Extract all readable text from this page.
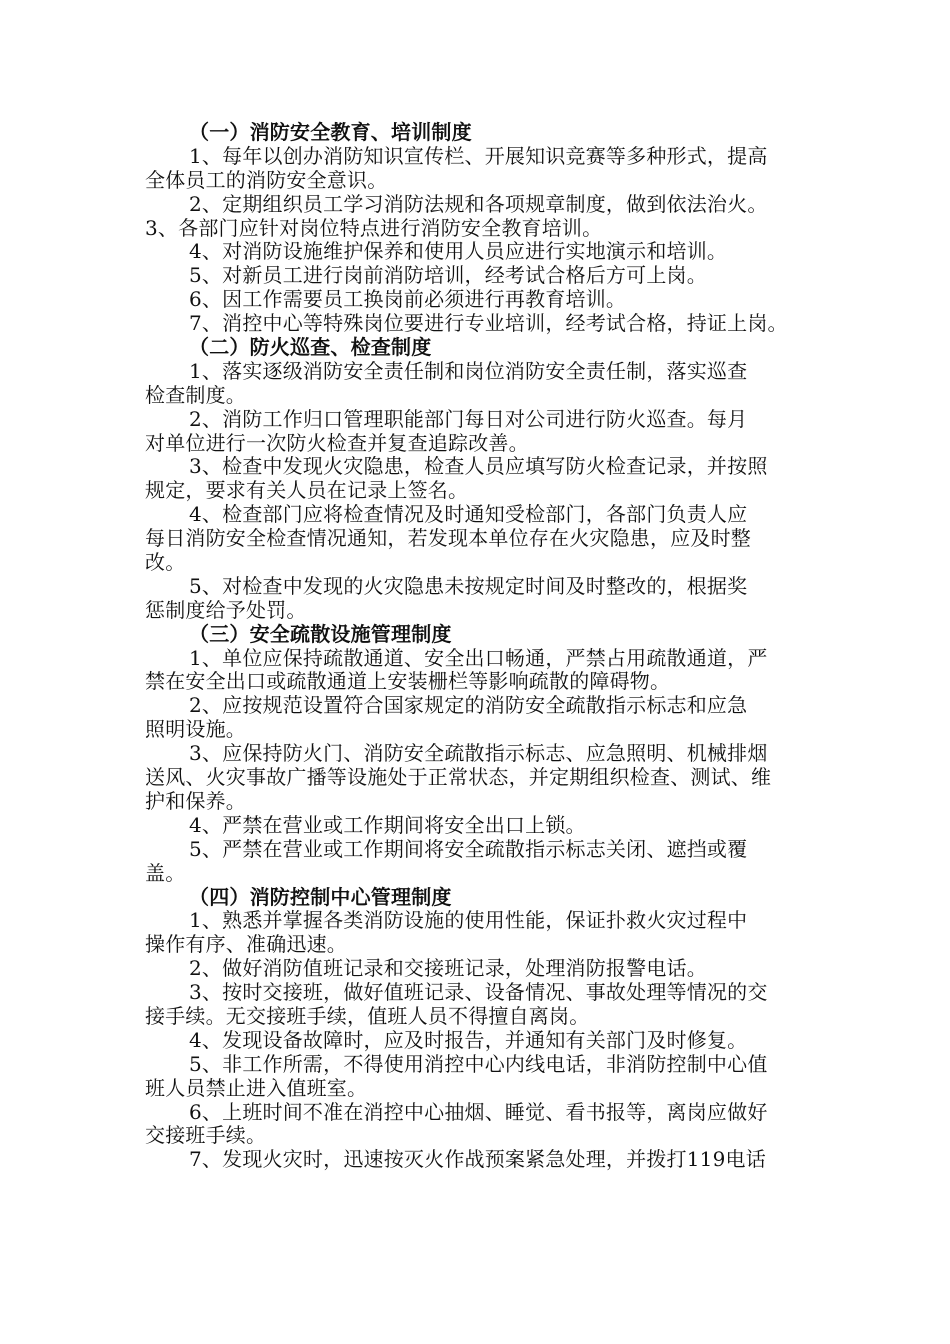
（一）消防安全教育、培训制度
1、每年以创办消防知识宣传栏、开展知识竞赛等多种形式，提高
全体员工的消防安全意识。
2、定期组织员工学习消防法规和各项规章制度，做到依法治火。
3、各部门应针对岗位特点进行消防安全教育培训。
4、对消防设施维护保养和使用人员应进行实地演示和培训。
5、对新员工进行岗前消防培训，经考试合格后方可上岗。
6、因工作需要员工换岗前必须进行再教育培训。
7、消控中心等特殊岗位要进行专业培训，经考试合格，持证上岗。
（二）防火巡查、检查制度
1、落实逐级消防安全责任制和岗位消防安全责任制，落实巡查
检查制度。
2、消防工作归口管理职能部门每日对公司进行防火巡查。每月
对单位进行一次防火检查并复查追踪改善。
3、检查中发现火灾隐患，检查人员应填写防火检查记录，并按照
规定，要求有关人员在记录上签名。
4、检查部门应将检查情况及时通知受检部门，各部门负责人应
每日消防安全检查情况通知，若发现本单位存在火灾隐患，应及时整
改。
5、对检查中发现的火灾隐患未按规定时间及时整改的，根据奖
惩制度给予处罚。
（三）安全疏散设施管理制度
1、单位应保持疏散通道、安全出口畅通，严禁占用疏散通道，严
禁在安全出口或疏散通道上安装栅栏等影响疏散的障碍物。
2、应按规范设置符合国家规定的消防安全疏散指示标志和应急
照明设施。
3、应保持防火门、消防安全疏散指示标志、应急照明、机械排烟
送风、火灾事故广播等设施处于正常状态，并定期组织检查、测试、维
护和保养。
4、严禁在营业或工作期间将安全出口上锁。
5、严禁在营业或工作期间将安全疏散指示标志关闭、遮挡或覆
盖。
（四）消防控制中心管理制度
1、熟悉并掌握各类消防设施的使用性能，保证扑救火灾过程中
操作有序、准确迅速。
2、做好消防值班记录和交接班记录，处理消防报警电话。
3、按时交接班，做好值班记录、设备情况、事故处理等情况的交
接手续。无交接班手续，值班人员不得擅自离岗。
4、发现设备故障时，应及时报告，并通知有关部门及时修复。
5、非工作所需，不得使用消控中心内线电话，非消防控制中心值
班人员禁止进入值班室。
6、上班时间不准在消控中心抽烟、睡觉、看书报等，离岗应做好
交接班手续。
7、发现火灾时，迅速按灭火作战预案紧急处理，并拨打119电话
